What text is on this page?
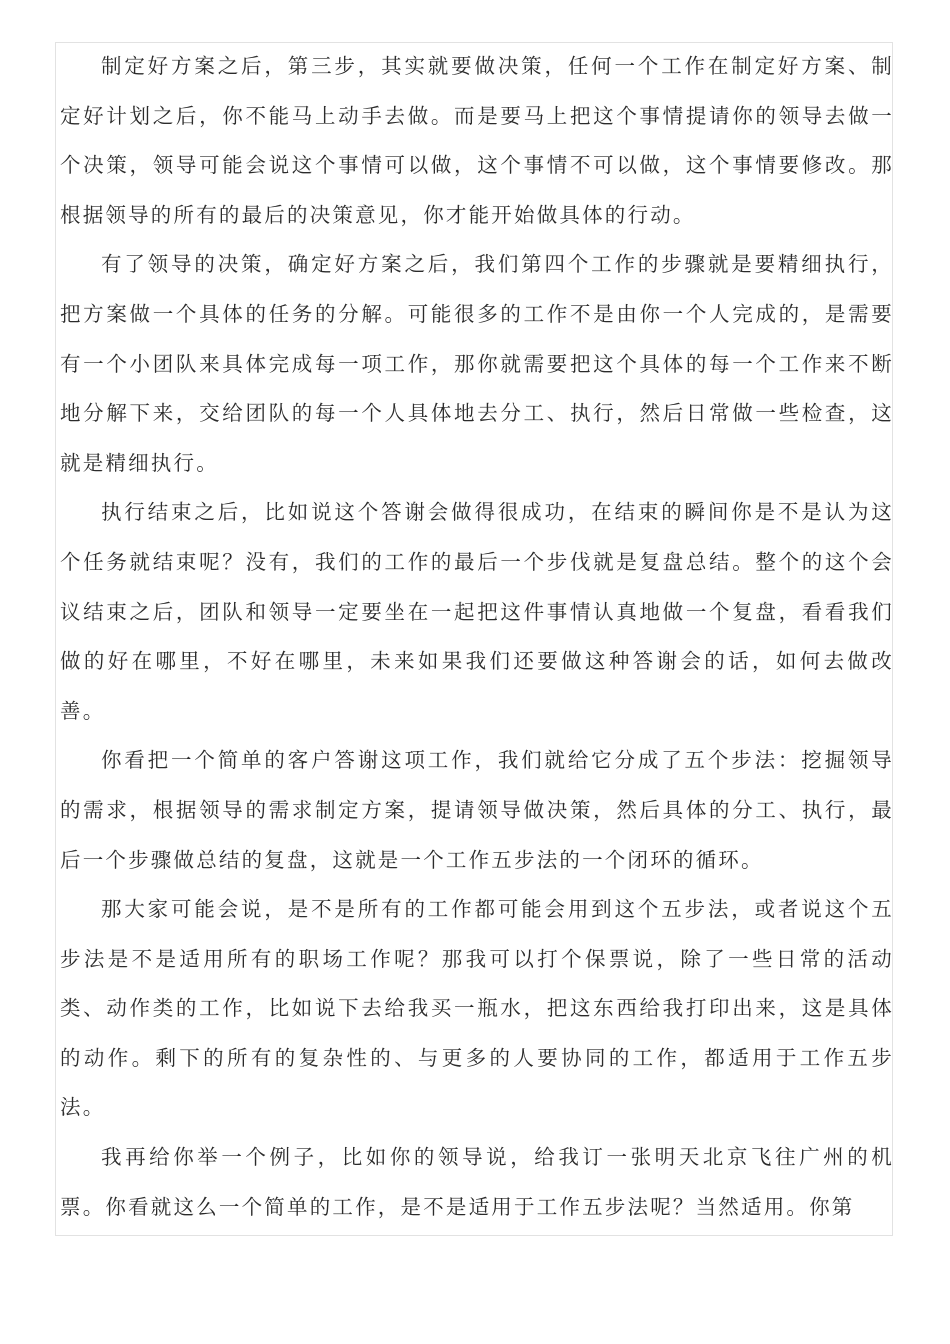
制定好方案之后，第三步，其实就要做决策，任何一个工作在制定好方案、制定好计划之后，你不能马上动手去做。而是要马上把这个事情提请你的领导去做一个决策，领导可能会说这个事情可以做，这个事情不可以做，这个事情要修改。那根据领导的所有的最后的决策意见，你才能开始做具体的行动。

有了领导的决策，确定好方案之后，我们第四个工作的步骤就是要精细执行，把方案做一个具体的任务的分解。可能很多的工作不是由你一个人完成的，是需要有一个小团队来具体完成每一项工作，那你就需要把这个具体的每一个工作来不断地分解下来，交给团队的每一个人具体地去分工、执行，然后日常做一些检查，这就是精细执行。

执行结束之后，比如说这个答谢会做得很成功，在结束的瞬间你是不是认为这个任务就结束呢？没有，我们的工作的最后一个步伐就是复盘总结。整个的这个会议结束之后，团队和领导一定要坐在一起把这件事情认真地做一个复盘，看看我们做的好在哪里，不好在哪里，未来如果我们还要做这种答谢会的话，如何去做改善。

你看把一个简单的客户答谢这项工作，我们就给它分成了五个步法：挖掘领导的需求，根据领导的需求制定方案，提请领导做决策，然后具体的分工、执行，最后一个步骤做总结的复盘，这就是一个工作五步法的一个闭环的循环。

那大家可能会说，是不是所有的工作都可能会用到这个五步法，或者说这个五步法是不是适用所有的职场工作呢？那我可以打个保票说，除了一些日常的活动类、动作类的工作，比如说下去给我买一瓶水，把这东西给我打印出来，这是具体的动作。剩下的所有的复杂性的、与更多的人要协同的工作，都适用于工作五步法。

我再给你举一个例子，比如你的领导说，给我订一张明天北京飞往广州的机票。你看就这么一个简单的工作，是不是适用于工作五步法呢？当然适用。你第
